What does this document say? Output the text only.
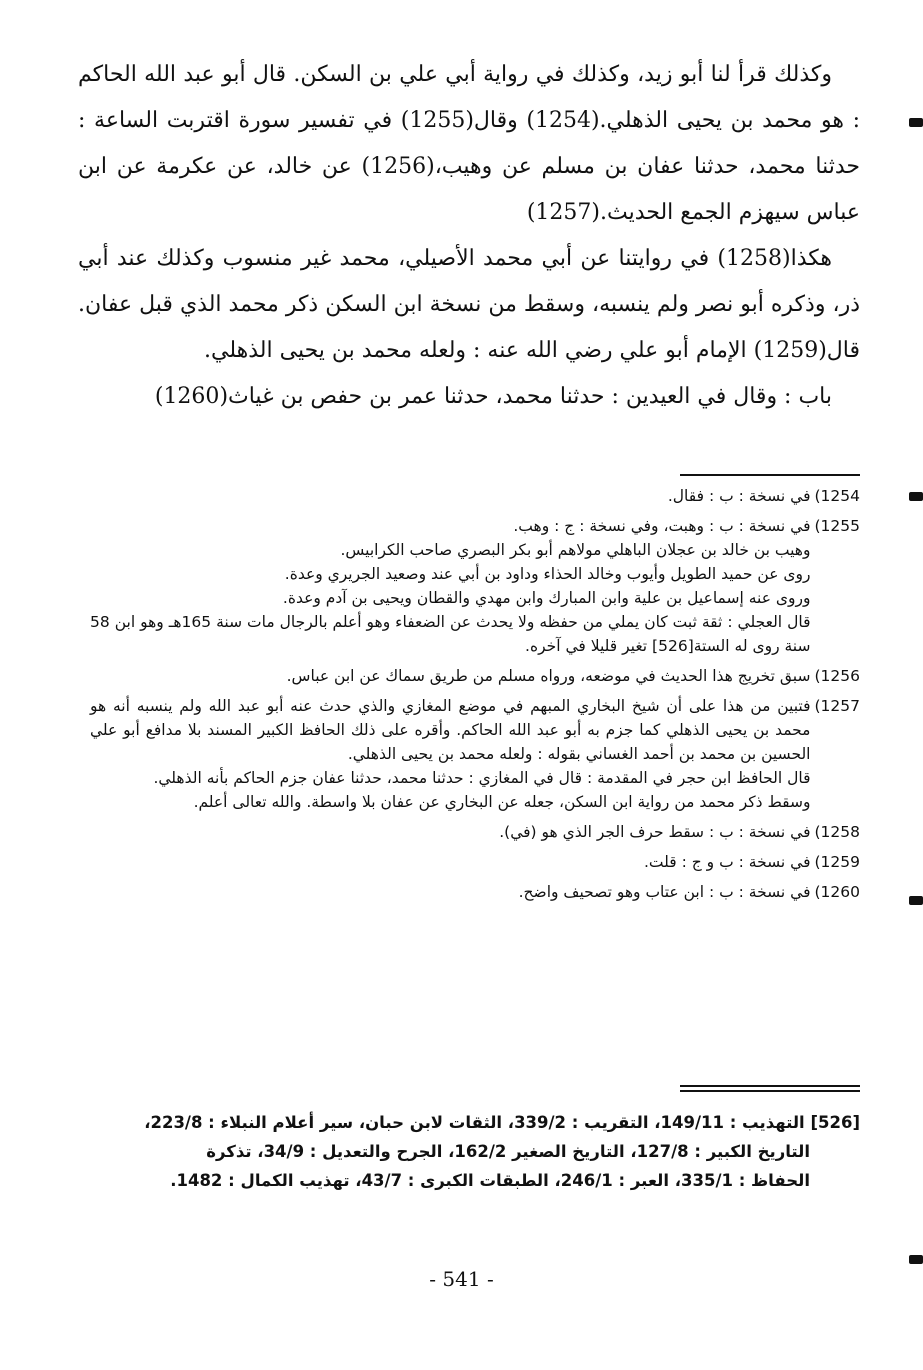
وكذلك قرأ لنا أبو زيد، وكذلك في رواية أبي علي بن السكن. قال أبو عبد الله الحاكم : هو محمد بن يحيى الذهلي.(1254) وقال(1255) في تفسير سورة اقتربت الساعة : حدثنا محمد، حدثنا عفان بن مسلم عن وهيب،(1256) عن خالد، عن عكرمة عن ابن عباس سيهزم الجمع الحديث.(1257)

هكذا(1258) في روايتنا عن أبي محمد الأصيلي، محمد غير منسوب وكذلك عند أبي ذر، وذكره أبو نصر ولم ينسبه، وسقط من نسخة ابن السكن ذكر محمد الذي قبل عفان. قال(1259) الإمام أبو علي رضي الله عنه : ولعله محمد بن يحيى الذهلي.

باب : وقال في العيدين : حدثنا محمد، حدثنا عمر بن حفص بن غياث(1260)

1254)
في نسخة : ب : فقال.
1255)
في نسخة : ب : وهبت، وفي نسخة : ج : وهب.
وهيب بن خالد بن عجلان الباهلي مولاهم أبو بكر البصري صاحب الكرابيس.
روى عن حميد الطويل وأيوب وخالد الحذاء وداود بن أبي عند وصعيد الجريري وعدة.
وروى عنه إسماعيل بن علية وابن المبارك وابن مهدي والقطان ويحيى بن آدم وعدة.
قال العجلي : ثقة ثبت كان يملي من حفظه ولا يحدث عن الضعفاء وهو أعلم بالرجال مات سنة 165هـ وهو ابن 58 سنة روى له الستة[526] تغير قليلا في آخره.
1256)
سبق تخريج هذا الحديث في موضعه، ورواه مسلم من طريق سماك عن ابن عباس.
1257)
فتبين من هذا على أن شيخ البخاري المبهم في موضع المغازي والذي حدث عنه أبو عبد الله ولم ينسبه أنه هو محمد بن يحيى الذهلي كما جزم به أبو عبد الله الحاكم. وأقره على ذلك الحافظ الكبير المسند بلا مدافع أبو علي الحسين بن محمد بن أحمد الغساني بقوله : ولعله محمد بن يحيى الذهلي.
قال الحافظ ابن حجر في المقدمة : قال في المغازي : حدثنا محمد، حدثنا عفان جزم الحاكم بأنه الذهلي.
وسقط ذكر محمد من رواية ابن السكن، جعله عن البخاري عن عفان بلا واسطة. والله تعالى أعلم.
1258)
في نسخة : ب : سقط حرف الجر الذي هو (في).
1259)
في نسخة : ب و ج : قلت.
1260)
في نسخة : ب : ابن عتاب وهو تصحيف واضح.
[526] التهذيب : 149/11، التقريب : 339/2، الثقات لابن حبان، سير أعلام النبلاء : 223/8،
التاريخ الكبير : 127/8، التاريخ الصغير 162/2، الجرح والتعديل : 34/9، تذكرة
الحفاظ : 335/1، العبر : 246/1، الطبقات الكبرى : 43/7، تهذيب الكمال : 1482.
- 541 -
